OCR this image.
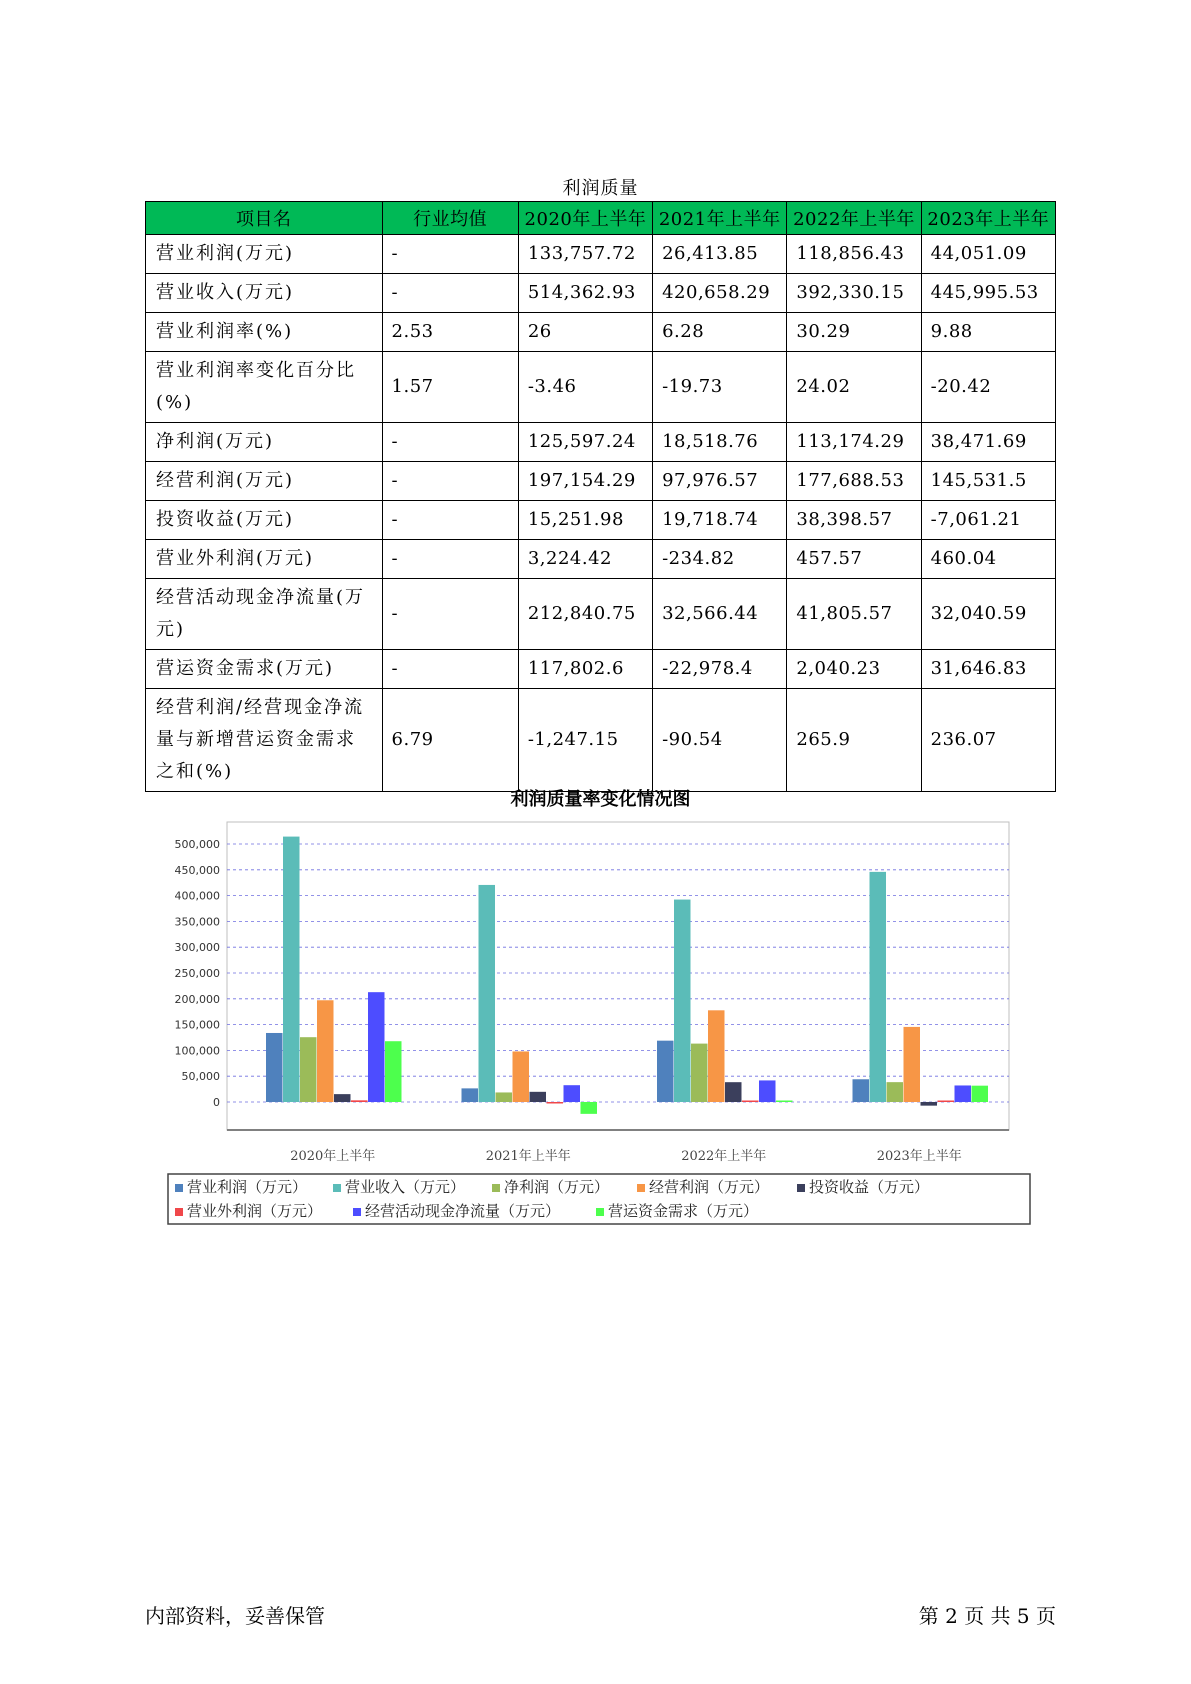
利润质量
项目名	行业均值	2020年上半年	2021年上半年	2022年上半年	2023年上半年
营业利润(万元)	-	133,757.72	26,413.85	118,856.43	44,051.09
营业收入(万元)	-	514,362.93	420,658.29	392,330.15	445,995.53
营业利润率(%)	2.53	26	6.28	30.29	9.88
营业利润率变化百分比(%)	1.57	-3.46	-19.73	24.02	-20.42
净利润(万元)	-	125,597.24	18,518.76	113,174.29	38,471.69
经营利润(万元)	-	197,154.29	97,976.57	177,688.53	145,531.5
投资收益(万元)	-	15,251.98	19,718.74	38,398.57	-7,061.21
营业外利润(万元)	-	3,224.42	-234.82	457.57	460.04
经营活动现金净流量(万元)	-	212,840.75	32,566.44	41,805.57	32,040.59
营运资金需求(万元)	-	117,802.6	-22,978.4	2,040.23	31,646.83
经营利润/经营现金净流量与新增营运资金需求之和(%)	6.79	-1,247.15	-90.54	265.9	236.07
利润质量率变化情况图
0
50,000
100,000
150,000
200,000
250,000
300,000
350,000
400,000
450,000
500,000
2020年上半年	2021年上半年	2022年上半年	2023年上半年
营业利润（万元）	营业收入（万元）	净利润（万元）	经营利润（万元）	投资收益（万元）
营业外利润（万元）	经营活动现金净流量（万元）	营运资金需求（万元）
内部资料，妥善保管	第 2 页 共 5 页
